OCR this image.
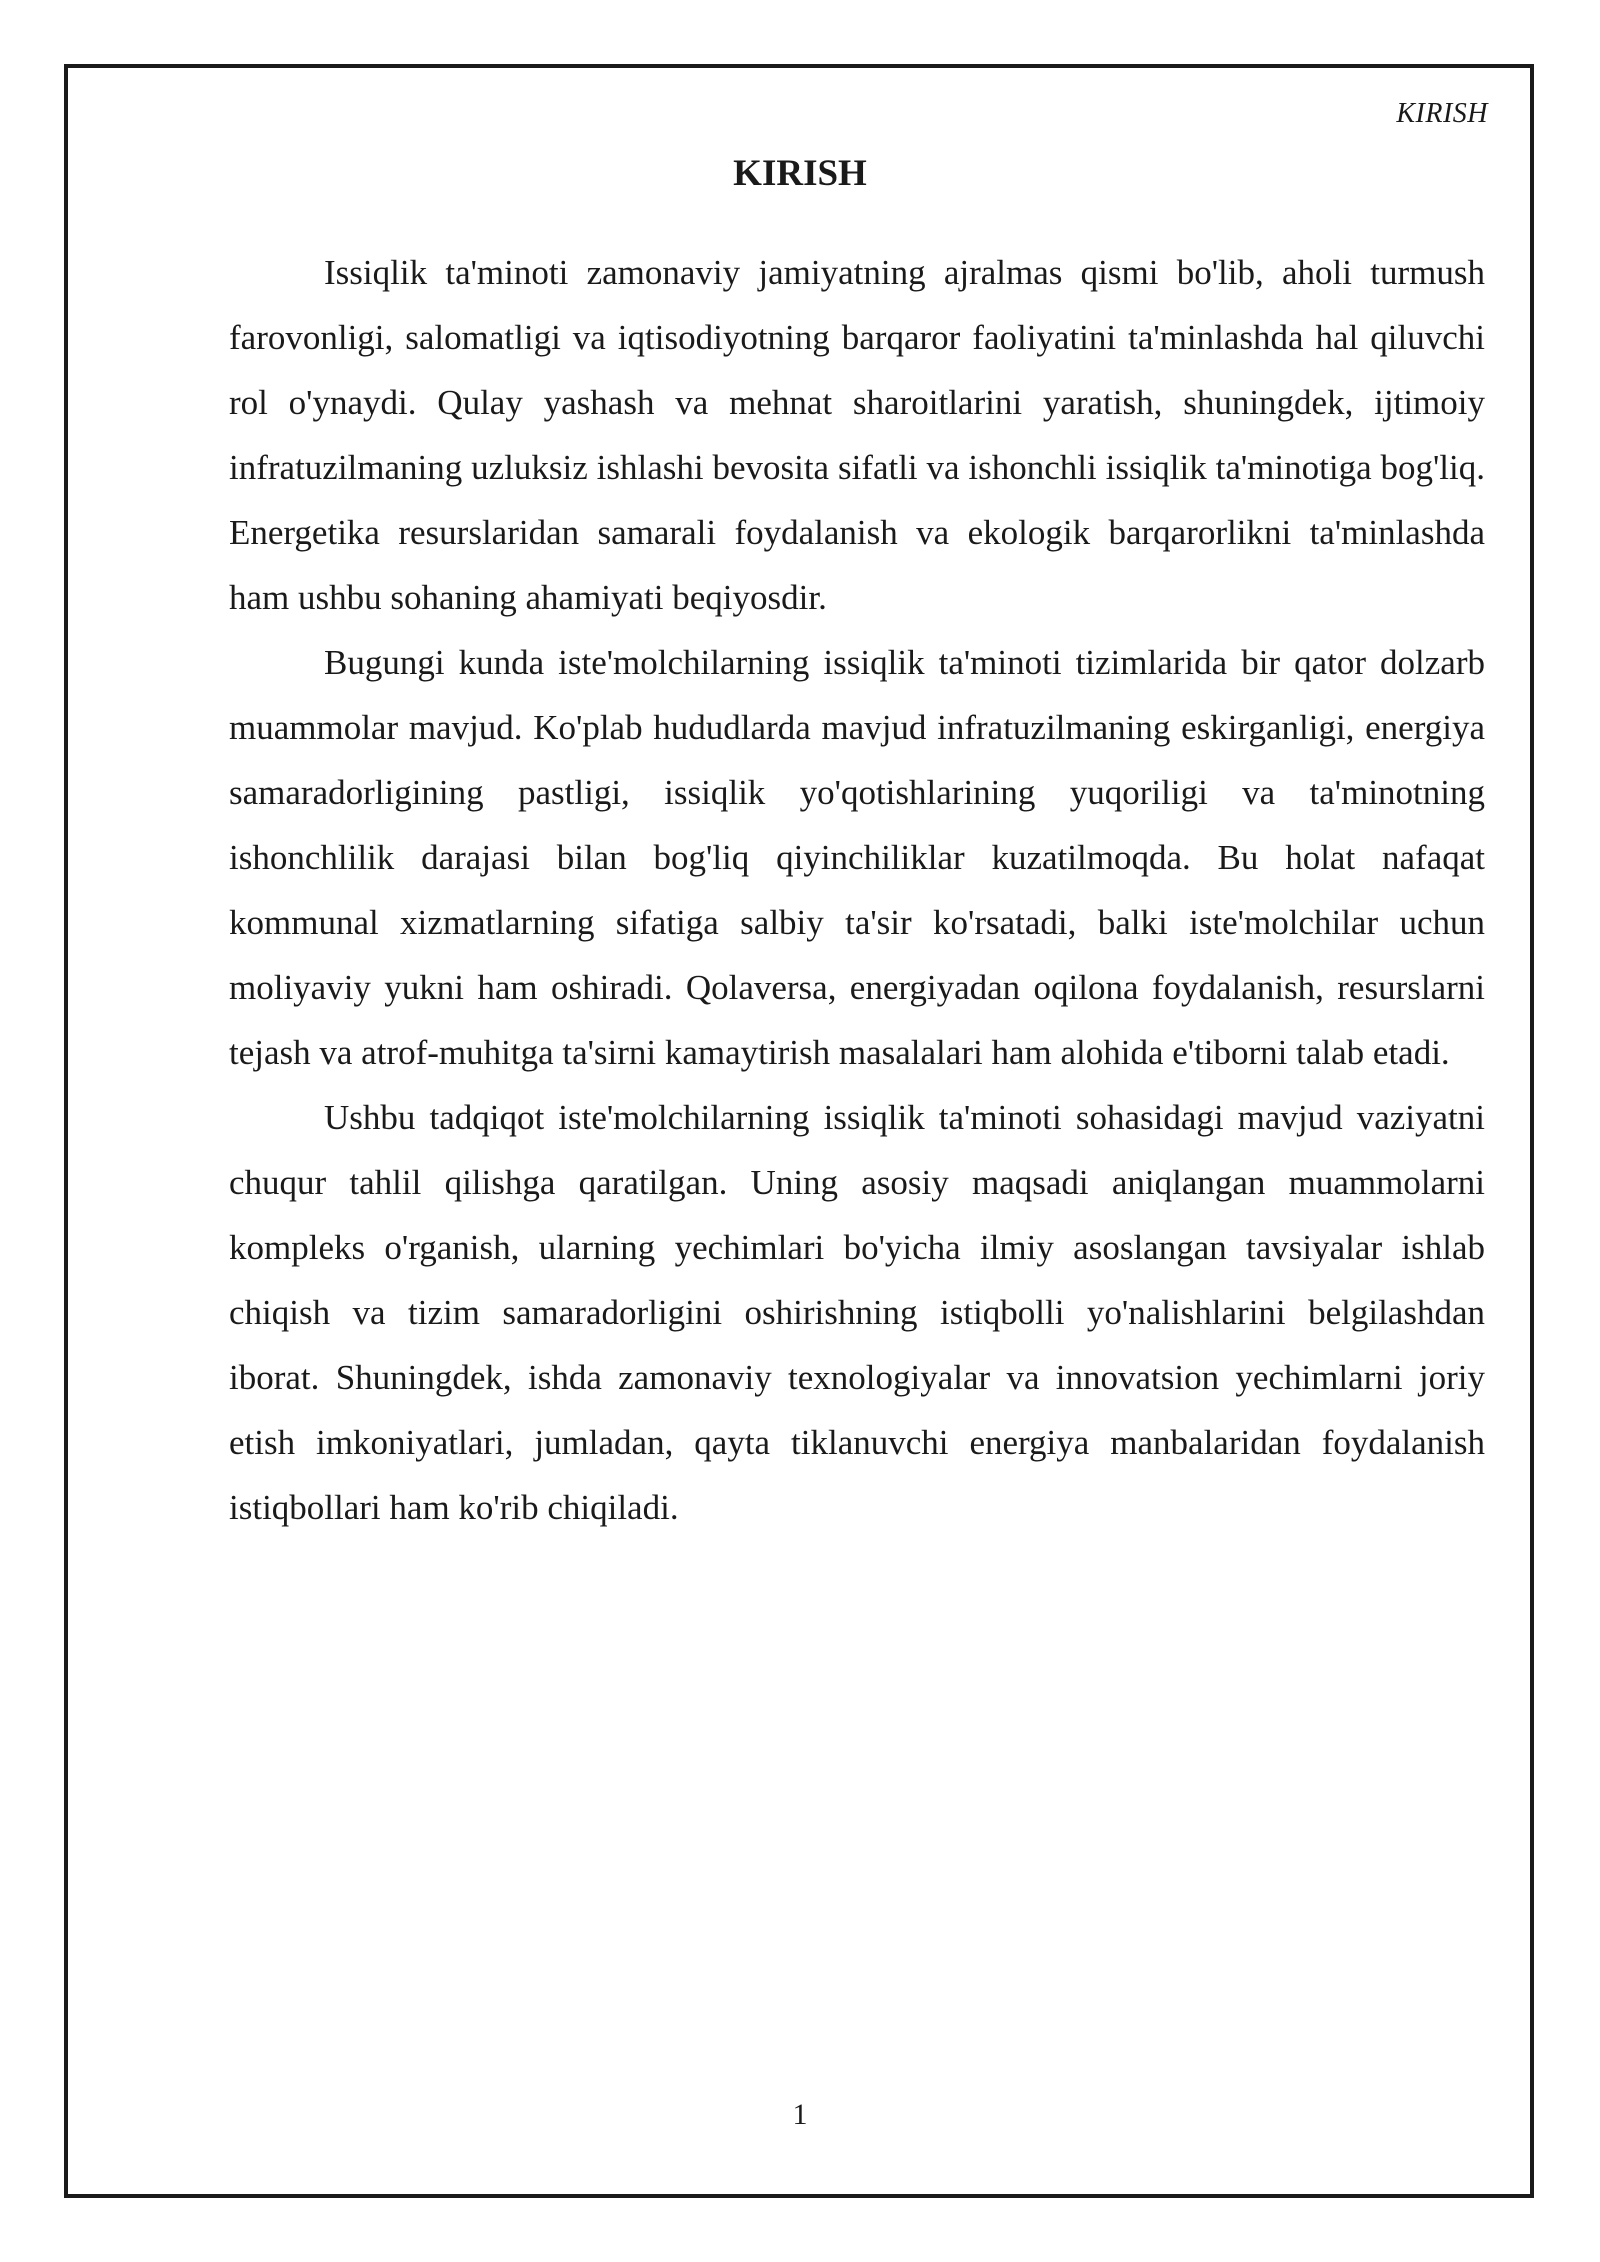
KIRISH
KIRISH

Issiqlik ta'minoti zamonaviy jamiyatning ajralmas qismi bo'lib, aholi turmush farovonligi, salomatligi va iqtisodiyotning barqaror faoliyatini ta'minlashda hal qiluvchi rol o'ynaydi. Qulay yashash va mehnat sharoitlarini yaratish, shuningdek, ijtimoiy infratuzilmaning uzluksiz ishlashi bevosita sifatli va ishonchli issiqlik ta'minotiga bog'liq. Energetika resurslaridan samarali foydalanish va ekologik barqarorlikni ta'minlashda ham ushbu sohaning ahamiyati beqiyosdir.

Bugungi kunda iste'molchilarning issiqlik ta'minoti tizimlarida bir qator dolzarb muammolar mavjud. Ko'plab hududlarda mavjud infratuzilmaning eskirganligi, energiya samaradorligining pastligi, issiqlik yo'qotishlarining yuqoriligi va ta'minotning ishonchlilik darajasi bilan bog'liq qiyinchiliklar kuzatilmoqda. Bu holat nafaqat kommunal xizmatlarning sifatiga salbiy ta'sir ko'rsatadi, balki iste'molchilar uchun moliyaviy yukni ham oshiradi. Qolaversa, energiyadan oqilona foydalanish, resurslarni tejash va atrof-muhitga ta'sirni kamaytirish masalalari ham alohida e'tiborni talab etadi.

Ushbu tadqiqot iste'molchilarning issiqlik ta'minoti sohasidagi mavjud vaziyatni chuqur tahlil qilishga qaratilgan. Uning asosiy maqsadi aniqlangan muammolarni kompleks o'rganish, ularning yechimlari bo'yicha ilmiy asoslangan tavsiyalar ishlab chiqish va tizim samaradorligini oshirishning istiqbolli yo'nalishlarini belgilashdan iborat. Shuningdek, ishda zamonaviy texnologiyalar va innovatsion yechimlarni joriy etish imkoniyatlari, jumladan, qayta tiklanuvchi energiya manbalaridan foydalanish istiqbollari ham ko'rib chiqiladi.

1
